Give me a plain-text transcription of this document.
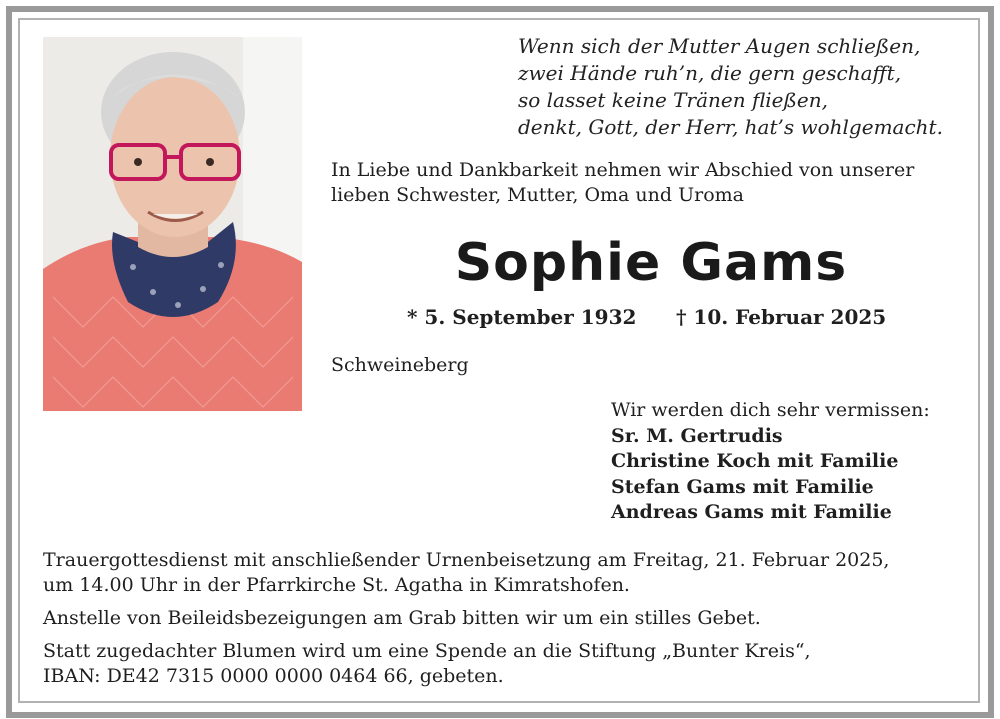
Wenn sich der Mutter Augen schließen,
zwei Hände ruh’n, die gern geschafft,
so lasset keine Tränen fließen,
denkt, Gott, der Herr, hat’s wohlgemacht.
In Liebe und Dankbarkeit nehmen wir Abschied von unserer
lieben Schwester, Mutter, Oma und Uroma
Sophie Gams
* 5. September 1932 † 10. Februar 2025
Schweineberg
Wir werden dich sehr vermissen:
Sr. M. Gertrudis
Christine Koch mit Familie
Stefan Gams mit Familie
Andreas Gams mit Familie

Trauergottesdienst mit anschließender Urnenbeisetzung am Freitag, 21. Februar 2025,
um 14.00 Uhr in der Pfarrkirche St. Agatha in Kimratshofen.

Anstelle von Beileidsbezeigungen am Grab bitten wir um ein stilles Gebet.

Statt zugedachter Blumen wird um eine Spende an die Stiftung „Bunter Kreis“,
IBAN: DE42 7315 0000 0000 0464 66, gebeten.
